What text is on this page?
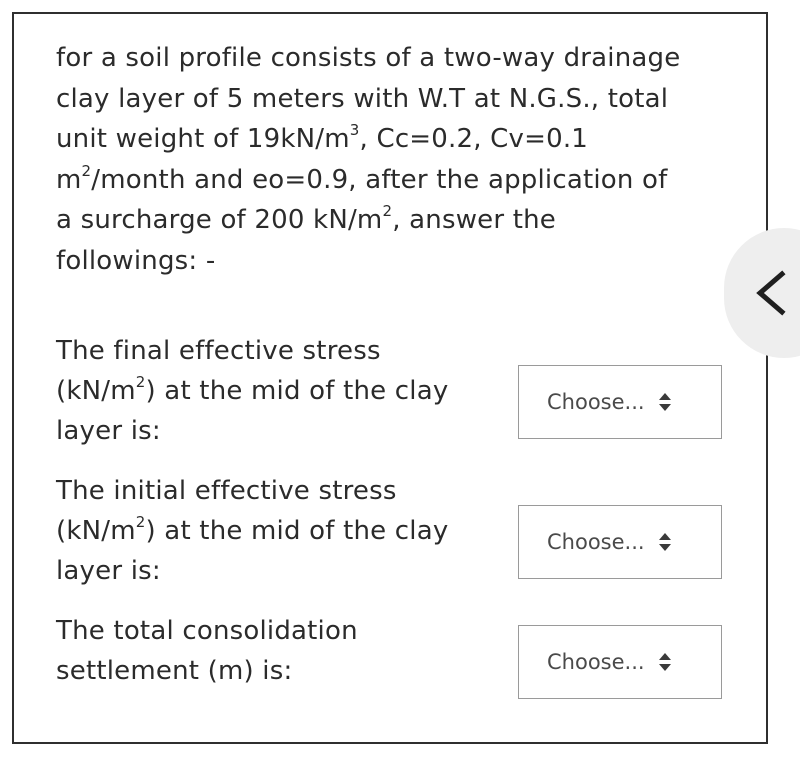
for a soil profile consists of a two-way drainage
clay layer of 5 meters with W.T at N.G.S., total
unit weight of $19kN/m^3$, Cc=0.2, Cv=0.1
$m^2$/month and eo=0.9, after the application of
a surcharge of 200 $kN/m^2$, answer the
followings: -
The final effective stress
$(kN/m^2)$ at the mid of the clay
layer is:
Choose...
The initial effective stress
$(kN/m^2)$ at the mid of the clay
layer is:
Choose...
The total consolidation
settlement (m) is:	Choose...
